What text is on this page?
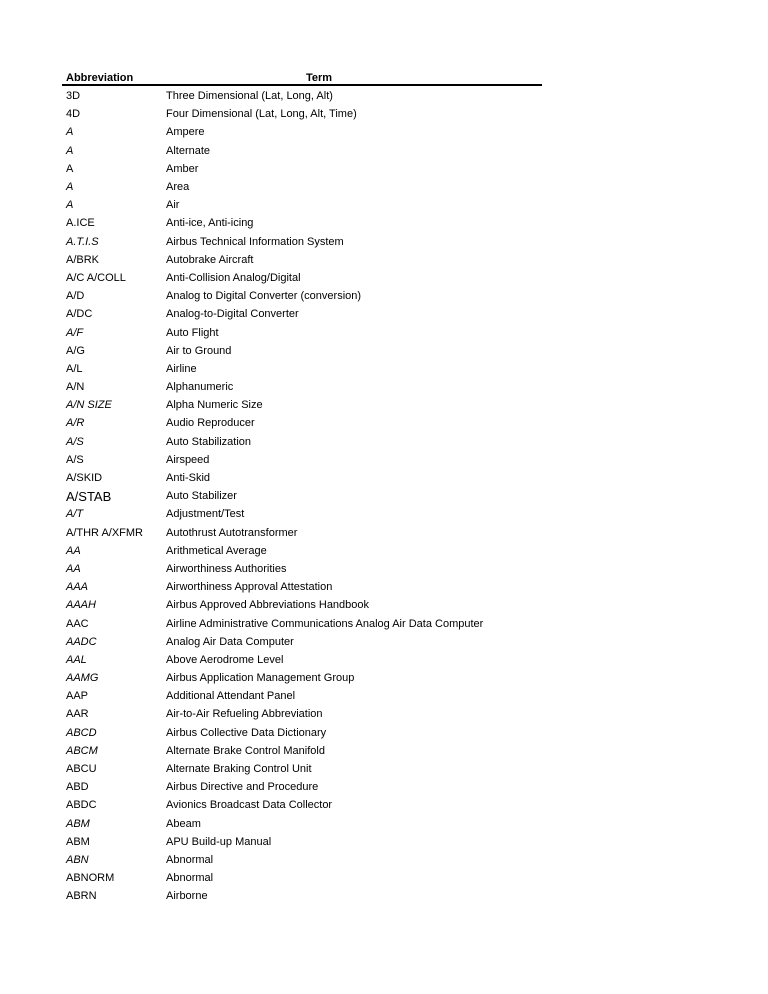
Abbreviation	Term
3D	Three Dimensional (Lat, Long, Alt)
4D	Four Dimensional (Lat, Long, Alt, Time)
A	Ampere
A	Alternate
A	Amber
A	Area
A	Air
A.ICE	Anti-ice, Anti-icing
A.T.I.S	Airbus Technical Information System
A/BRK	Autobrake Aircraft
A/C A/COLL	Anti-Collision Analog/Digital
A/D	Analog to Digital Converter (conversion)
A/DC	Analog-to-Digital Converter
A/F	Auto Flight
A/G	Air to Ground
A/L	Airline
A/N	Alphanumeric
A/N SIZE	Alpha Numeric Size
A/R	Audio Reproducer
A/S	Auto Stabilization
A/S	Airspeed
A/SKID	Anti-Skid
A/STAB	Auto Stabilizer
A/T	Adjustment/Test
A/THR A/XFMR	Autothrust Autotransformer
AA	Arithmetical Average
AA	Airworthiness Authorities
AAA	Airworthiness Approval Attestation
AAAH	Airbus Approved Abbreviations Handbook
AAC	Airline Administrative Communications Analog Air Data Computer
AADC	Analog Air Data Computer
AAL	Above Aerodrome Level
AAMG	Airbus Application Management Group
AAP	Additional Attendant Panel
AAR	Air-to-Air Refueling Abbreviation
ABCD	Airbus Collective Data Dictionary
ABCM	Alternate Brake Control Manifold
ABCU	Alternate Braking Control Unit
ABD	Airbus Directive and Procedure
ABDC	Avionics Broadcast Data Collector
ABM	Abeam
ABM	APU Build-up Manual
ABN	Abnormal
ABNORM	Abnormal
ABRN	Airborne
